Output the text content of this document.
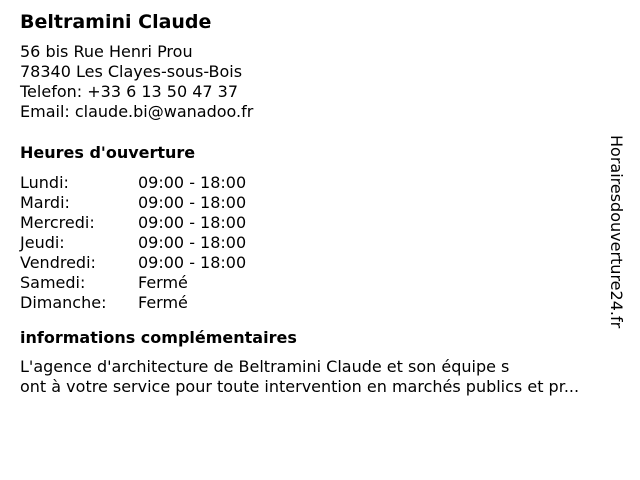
Beltramini Claude
56 bis Rue Henri Prou
78340 Les Clayes-sous-Bois
Telefon: +33 6 13 50 47 37
Email: claude.bi@wanadoo.fr
Heures d'ouverture
Lundi:	09:00 - 18:00
Mardi:	09:00 - 18:00
Mercredi:	09:00 - 18:00
Jeudi:	09:00 - 18:00
Vendredi:	09:00 - 18:00
Samedi:	Fermé
Dimanche:	Fermé
informations complémentaires

L'agence d'architecture de Beltramini Claude et son équipe s
ont à votre service pour toute intervention en marchés publics et pr...

Horairesdouverture24.fr
